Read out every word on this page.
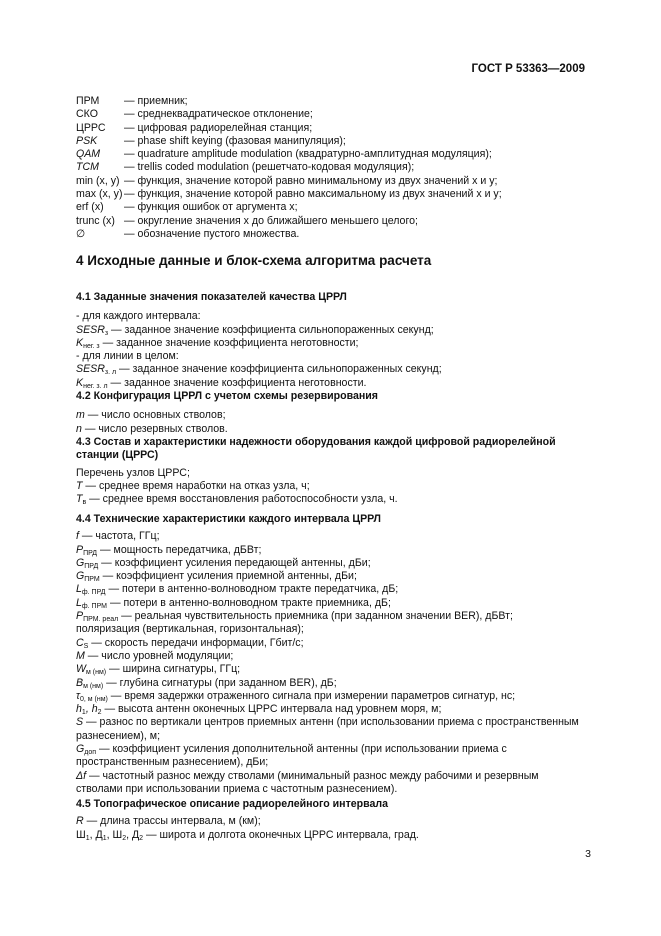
ГОСТ Р 53363—2009
ПРМ	— приемник;
СКО	— среднеквадратическое отклонение;
ЦРРС	— цифровая радиорелейная станция;
PSK	— phase shift keying (фазовая манипуляция);
QAM	— quadrature amplitude modulation (квадратурно-амплитудная модуляция);
TCM	— trellis coded modulation (решетчато-кодовая модуляция);
min (x, y) — функция, значение которой равно минимальному из двух значений x и y;
max (x, y) — функция, значение которой равно максимальному из двух значений x и y;
erf (x)	— функция ошибок от аргумента x;
trunc (x) — округление значения x до ближайшего меньшего целого;
∅	— обозначение пустого множества.
4 Исходные данные и блок-схема алгоритма расчета
4.1 Заданные значения показателей качества ЦРРЛ
- для каждого интервала:
$SESR_з$ — заданное значение коэффициента сильнопораженных секунд;
$K_{нег. з}$ — заданное значение коэффициента неготовности;
- для линии в целом:
$SESR_{з. л}$ — заданное значение коэффициента сильнопораженных секунд;
$K_{нег. з. л}$ — заданное значение коэффициента неготовности.
4.2 Конфигурация ЦРРЛ с учетом схемы резервирования
m — число основных стволов;
n — число резервных стволов.
4.3 Состав и характеристики надежности оборудования каждой цифровой радиорелейной станции (ЦРРС)
Перечень узлов ЦРРС;
T — среднее время наработки на отказ узла, ч;
$T_в$ — среднее время восстановления работоспособности узла, ч.
4.4 Технические характеристики каждого интервала ЦРРЛ
f — частота, ГГц;
$P_{ПРД}$ — мощность передатчика, дБВт;
$G_{ПРД}$ — коэффициент усиления передающей антенны, дБи;
$G_{ПРМ}$ — коэффициент усиления приемной антенны, дБи;
$L_{ф. ПРД}$ — потери в антенно-волноводном тракте передатчика, дБ;
$L_{ф. ПРМ}$ — потери в антенно-волноводном тракте приемника, дБ;
$P_{ПРМ. реал}$ — реальная чувствительность приемника (при заданном значении BER), дБВт;
поляризация (вертикальная, горизонтальная);
$C_S$ — скорость передачи информации, Гбит/с;
M — число уровней модуляции;
$W_{м (нм)}$ — ширина сигнатуры, ГГц;
$B_{м (нм)}$ — глубина сигнатуры (при заданном BER), дБ;
$\tau_{0, м (нм)}$ — время задержки отраженного сигнала при измерении параметров сигнатур, нс;
$h_1$, $h_2$ — высота антенн оконечных ЦРРС интервала над уровнем моря, м;
S — разнос по вертикали центров приемных антенн (при использовании приема с пространственным разнесением), м;
$G_{доп}$ — коэффициент усиления дополнительной антенны (при использовании приема с пространственным разнесением), дБи;
Δf — частотный разнос между стволами (минимальный разнос между рабочими и резервным стволами при использовании приема с частотным разнесением).
4.5 Топографическое описание радиорелейного интервала
R — длина трассы интервала, м (км);
$Ш_1$, $Д_1$, $Ш_2$, $Д_2$ — широта и долгота оконечных ЦРРС интервала, град.
3
